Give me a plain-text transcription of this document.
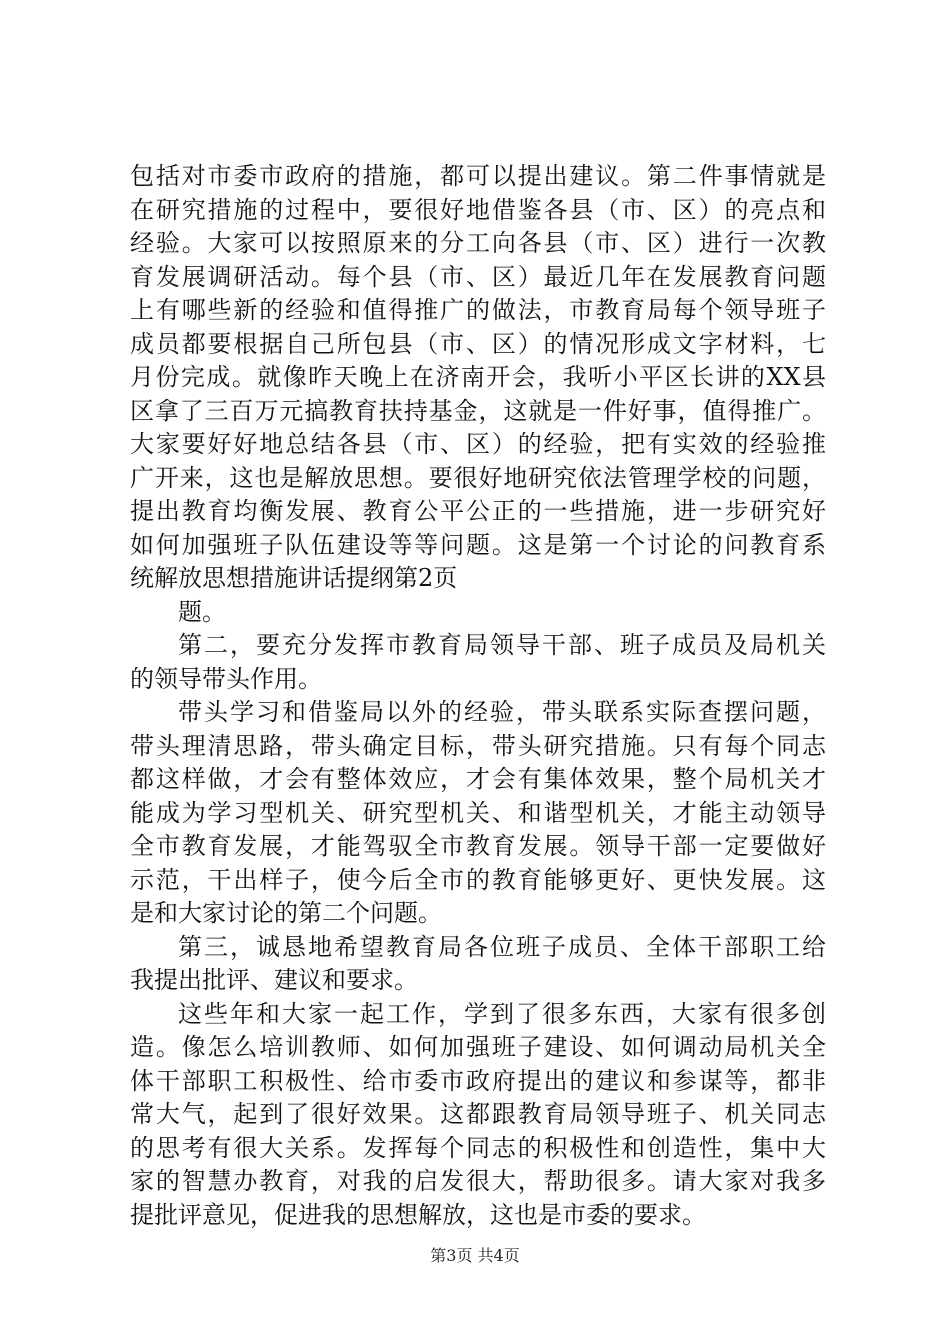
包括对市委市政府的措施，都可以提出建议。第二件事情就是
在研究措施的过程中，要很好地借鉴各县（市、区）的亮点和
经验。大家可以按照原来的分工向各县（市、区）进行一次教
育发展调研活动。每个县（市、区）最近几年在发展教育问题
上有哪些新的经验和值得推广的做法，市教育局每个领导班子
成员都要根据自己所包县（市、区）的情况形成文字材料，七
月份完成。就像昨天晚上在济南开会，我听小平区长讲的XX县
区拿了三百万元搞教育扶持基金，这就是一件好事，值得推广。
大家要好好地总结各县（市、区）的经验，把有实效的经验推
广开来，这也是解放思想。要很好地研究依法管理学校的问题，
提出教育均衡发展、教育公平公正的一些措施，进一步研究好
如何加强班子队伍建设等等问题。这是第一个讨论的问教育系
统解放思想措施讲话提纲第2页
题。
第二，要充分发挥市教育局领导干部、班子成员及局机关
的领导带头作用。
带头学习和借鉴局以外的经验，带头联系实际查摆问题，
带头理清思路，带头确定目标，带头研究措施。只有每个同志
都这样做，才会有整体效应，才会有集体效果，整个局机关才
能成为学习型机关、研究型机关、和谐型机关，才能主动领导
全市教育发展，才能驾驭全市教育发展。领导干部一定要做好
示范，干出样子，使今后全市的教育能够更好、更快发展。这
是和大家讨论的第二个问题。
第三，诚恳地希望教育局各位班子成员、全体干部职工给
我提出批评、建议和要求。
这些年和大家一起工作，学到了很多东西，大家有很多创
造。像怎么培训教师、如何加强班子建设、如何调动局机关全
体干部职工积极性、给市委市政府提出的建议和参谋等，都非
常大气，起到了很好效果。这都跟教育局领导班子、机关同志
的思考有很大关系。发挥每个同志的积极性和创造性，集中大
家的智慧办教育，对我的启发很大，帮助很多。请大家对我多
提批评意见，促进我的思想解放，这也是市委的要求。
第3页 共4页
